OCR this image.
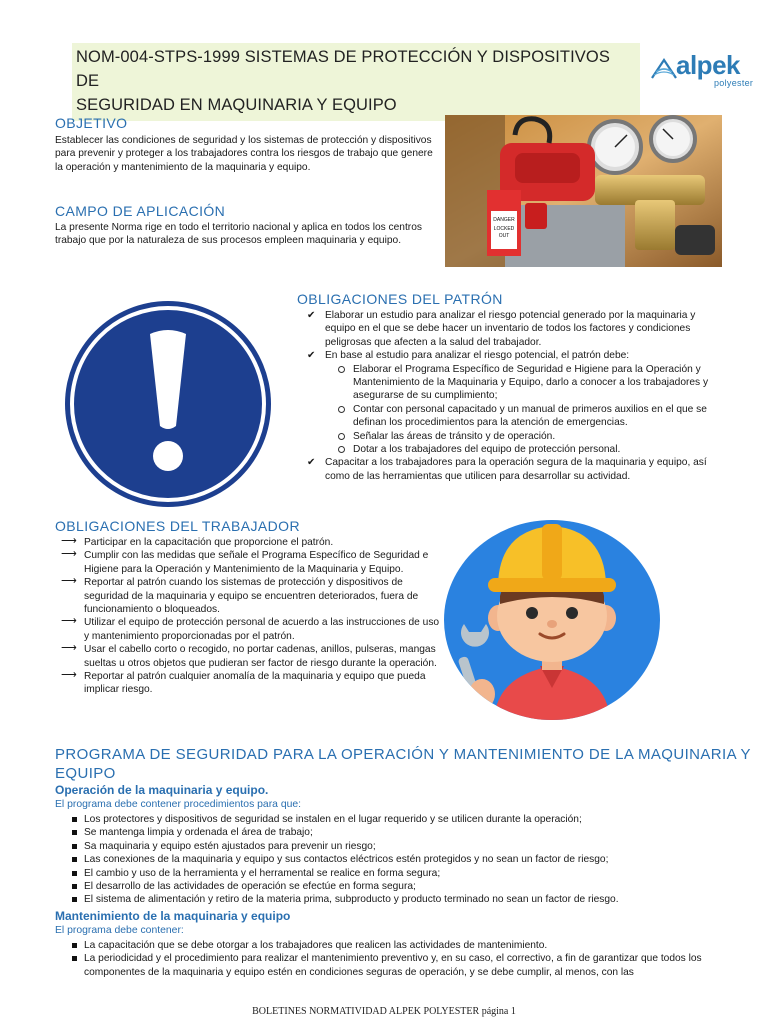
NOM-004-STPS-1999 SISTEMAS DE PROTECCIÓN Y DISPOSITIVOS DE
SEGURIDAD EN MAQUINARIA Y EQUIPO
alpek
polyester
OBJETIVO
Establecer las condiciones de seguridad y los sistemas de protección y dispositivos para prevenir y proteger a los trabajadores contra los riesgos de trabajo que genere la operación y mantenimiento de la maquinaria y equipo.
CAMPO DE APLICACIÓN
La presente Norma rige en todo el territorio nacional y aplica en todos los centros trabajo que por la naturaleza de sus procesos empleen maquinaria y equipo.
DANGER
LOCKED
OUT
OBLIGACIONES DEL PATRÓN
✔ Elaborar un estudio para analizar el riesgo potencial generado por la maquinaria y equipo en el que se debe hacer un inventario de todos los factores y condiciones peligrosas que afecten a la salud del trabajador.
✔ En base al estudio para analizar el riesgo potencial, el patrón debe:
Elaborar el Programa Específico de Seguridad e Higiene para la Operación y Mantenimiento de la Maquinaria y Equipo, darlo a conocer a los trabajadores y asegurarse de su cumplimiento;
Contar con personal capacitado y un manual de primeros auxilios en el que se definan los procedimientos para la atención de emergencias.
Señalar las áreas de tránsito y de operación.
Dotar a los trabajadores del equipo de protección personal.
✔ Capacitar a los trabajadores para la operación segura de la maquinaria y equipo, así como de las herramientas que utilicen para desarrollar su actividad.
OBLIGACIONES DEL TRABAJADOR
⟶ Participar en la capacitación que proporcione el patrón.
⟶ Cumplir con las medidas que señale el Programa Específico de Seguridad e Higiene para la Operación y Mantenimiento de la Maquinaria y Equipo.
⟶ Reportar al patrón cuando los sistemas de protección y dispositivos de seguridad de la maquinaria y equipo se encuentren deteriorados, fuera de funcionamiento o bloqueados.
⟶ Utilizar el equipo de protección personal de acuerdo a las instrucciones de uso y mantenimiento proporcionadas por el patrón.
⟶ Usar el cabello corto o recogido, no portar cadenas, anillos, pulseras, mangas sueltas u otros objetos que pudieran ser factor de riesgo durante la operación.
⟶ Reportar al patrón cualquier anomalía de la maquinaria y equipo que pueda implicar riesgo.
PROGRAMA DE SEGURIDAD PARA LA OPERACIÓN Y MANTENIMIENTO DE LA MAQUINARIA Y EQUIPO
Operación de la maquinaria y equipo.
El programa debe contener procedimientos para que:
Los protectores y dispositivos de seguridad se instalen en el lugar requerido y se utilicen durante la operación;
Se mantenga limpia y ordenada el área de trabajo;
Sa maquinaria y equipo estén ajustados para prevenir un riesgo;
Las conexiones de la maquinaria y equipo y sus contactos eléctricos estén protegidos y no sean un factor de riesgo;
El cambio y uso de la herramienta y el herramental se realice en forma segura;
El desarrollo de las actividades de operación se efectúe en forma segura;
El sistema de alimentación y retiro de la materia prima, subproducto y producto terminado no sean un factor de riesgo.
Mantenimiento de la maquinaria y equipo
El programa debe contener:
La capacitación que se debe otorgar a los trabajadores que realicen las actividades de mantenimiento.
La periodicidad y el procedimiento para realizar el mantenimiento preventivo y, en su caso, el correctivo, a fin de garantizar que todos los componentes de la maquinaria y equipo estén en condiciones seguras de operación, y se debe cumplir, al menos, con las
BOLETINES NORMATIVIDAD ALPEK POLYESTER página 1
